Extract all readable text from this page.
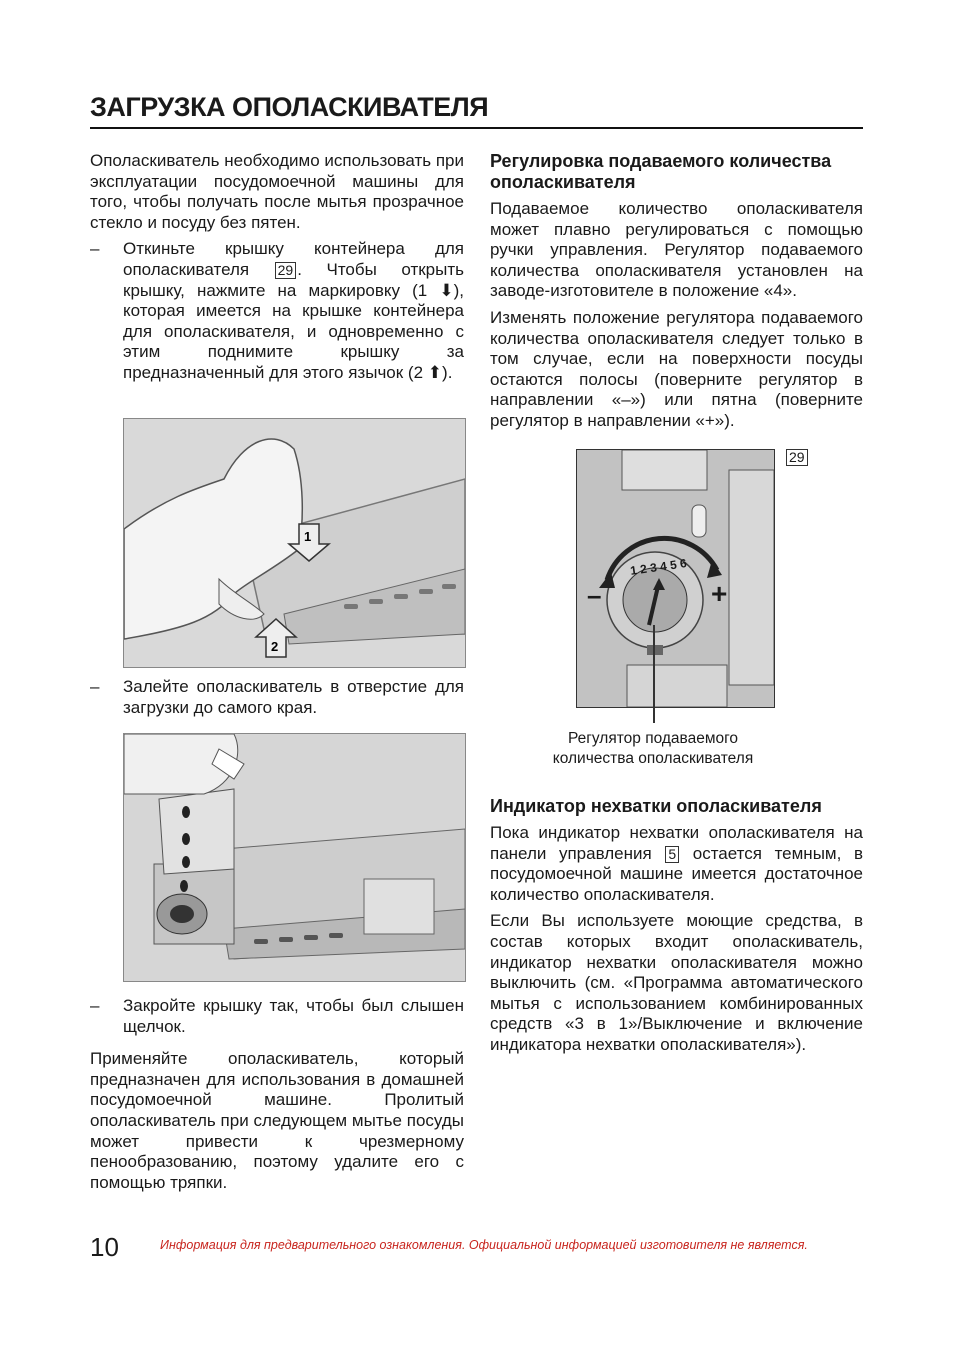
ЗАГРУЗКА ОПОЛАСКИВАТЕЛЯ

Ополаскиватель необходимо использовать при эксплуатации посудомоечной машины для того, чтобы получать после мытья прозрачное стекло и посуду без пятен.

– Откиньте крышку контейнера для ополаскивателя 29 . Чтобы открыть крышку, нажмите на маркировку (1 ⬇), которая имеется на крышке контейнера для ополаскивателя, и одновременно с этим поднимите крышку за предназначенный для этого язычок (2 ⬆).

1
2

– Залейте ополаскиватель в отверстие для загрузки до самого края.

– Закройте крышку так, чтобы был слышен щелчок.

Применяйте ополаскиватель, который предназначен для использования в домашней посудомоечной машине. Пролитый ополаскиватель при следующем мытье посуды может привести к чрезмерному пенообразованию, поэтому удалите его с помощью тряпки.

Регулировка подаваемого количества ополаскивателя

Подаваемое количество ополаскивателя может плавно регулироваться с помощью ручки управления. Регулятор подаваемого количества ополаскивателя установлен на заводе-изготовителе в положение «4».

Изменять положение регулятора подаваемого количества ополаскивателя следует только в том случае, если на поверхности посуды остаются полосы (поверните регулятор в направлении «–») или пятна (поверните регулятор в направлении «+»).

1 2 3 4 5 6
–	+
29
Регулятор подаваемого количества ополаскивателя
Индикатор нехватки ополаскивателя

Пока индикатор нехватки ополаскивателя на панели управления 5 остается темным, в посудомоечной машине имеется достаточное количество ополаскивателя.

Если Вы используете моющие средства, в состав которых входит ополаскиватель, индикатор нехватки ополаскивателя можно выключить (см. «Программа автоматического мытья с использованием комбинированных средств «3 в 1»/Выключение и включение индикатора нехватки ополаскивателя»).

10	Информация для предварительного ознакомления. Официальной информацией изготовителя не является.
